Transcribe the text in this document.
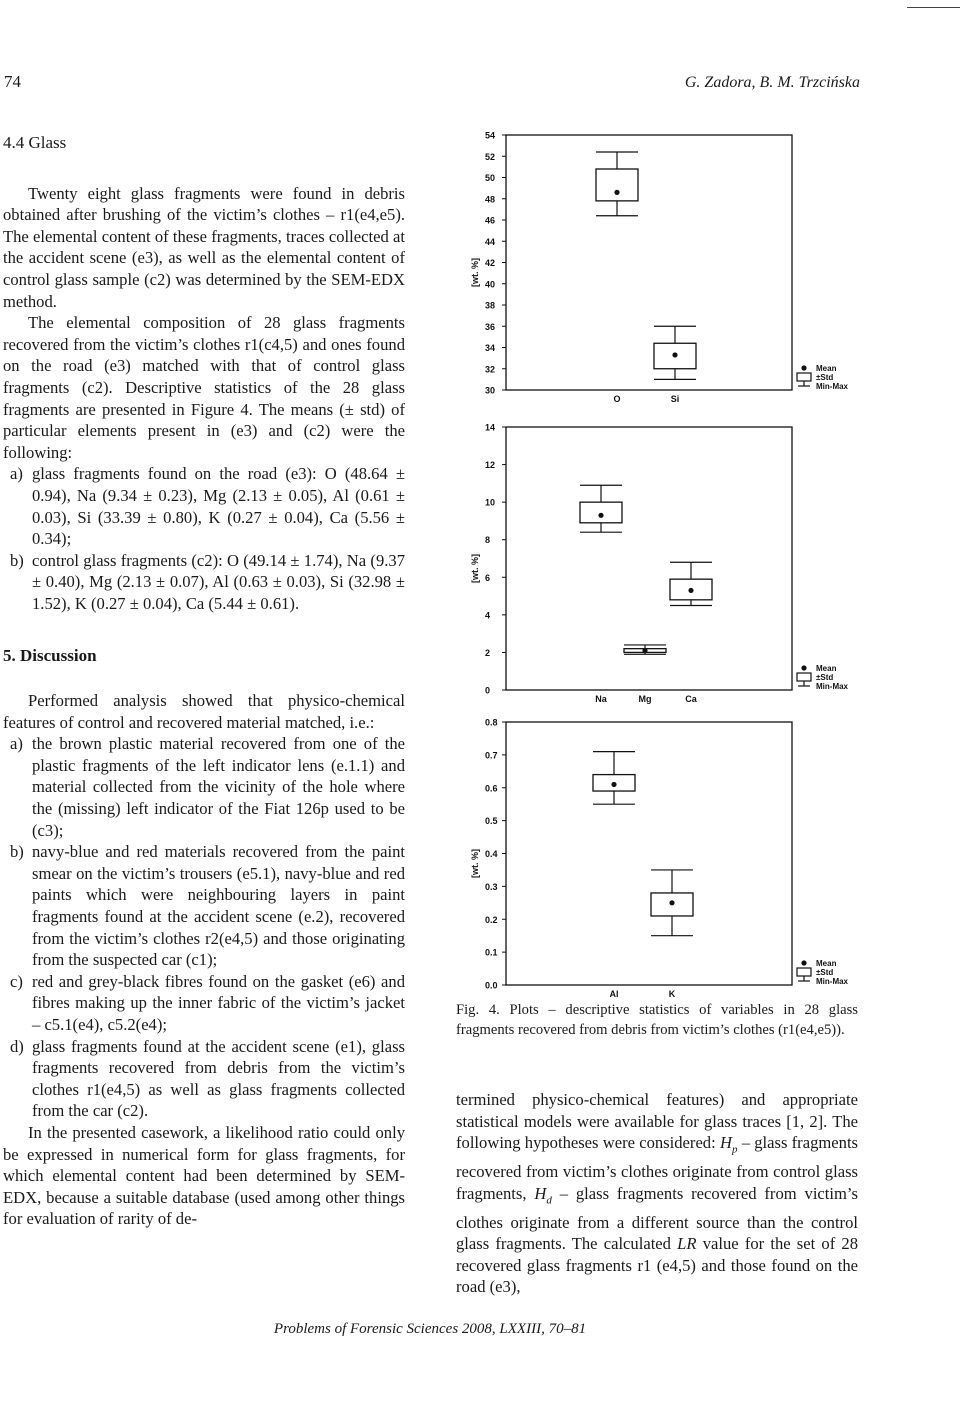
74	G. Zadora, B. M. Trzcińska
4.4 Glass

Twenty eight glass fragments were found in debris obtained after brushing of the victim’s clothes – r1(e4,e5). The elemental content of these fragments, traces collected at the accident scene (e3), as well as the elemental content of control glass sample (c2) was determined by the SEM-EDX method.

The elemental composition of 28 glass fragments recovered from the victim’s clothes r1(c4,5) and ones found on the road (e3) matched with that of control glass fragments (c2). Descriptive statistics of the 28 glass fragments are presented in Figure 4. The means (± std) of particular elements present in (e3) and (c2) were the following:

a) glass fragments found on the road (e3): O (48.64 ± 0.94), Na (9.34 ± 0.23), Mg (2.13 ± 0.05), Al (0.61 ± 0.03), Si (33.39 ± 0.80), K (0.27 ± 0.04), Ca (5.56 ± 0.34);
b) control glass fragments (c2): O (49.14 ± 1.74), Na (9.37 ± 0.40), Mg (2.13 ± 0.07), Al (0.63 ± 0.03), Si (32.98 ± 1.52), K (0.27 ± 0.04), Ca (5.44 ± 0.61).
5. Discussion

Performed analysis showed that physico-chemical features of control and recovered material matched, i.e.:

a) the brown plastic material recovered from one of the plastic fragments of the left indicator lens (e.1.1) and material collected from the vicinity of the hole where the (missing) left indicator of the Fiat 126p used to be (c3);
b) navy-blue and red materials recovered from the paint smear on the victim’s trousers (e5.1), navy-blue and red paints which were neighbouring layers in paint fragments found at the accident scene (e.2), recovered from the victim’s clothes r2(e4,5) and those originating from the suspected car (c1);
c) red and grey-black fibres found on the gasket (e6) and fibres making up the inner fabric of the victim’s jacket – c5.1(e4), c5.2(e4);
d) glass fragments found at the accident scene (e1), glass fragments recovered from debris from the victim’s clothes r1(e4,5) as well as glass fragments collected from the car (c2).

In the presented casework, a likelihood ratio could only be expressed in numerical form for glass fragments, for which elemental content had been determined by SEM-EDX, because a suitable database (used among other things for evaluation of rarity of de-

54
52
50
48
46
44
42
40
38
36
34
32
30
[wt. %]
O	Si
Mean
±Std
Min-Max
14
12
10
8
6
4
2
0
[wt. %]
Na	Mg	Ca
Mean
±Std
Min-Max
0.8
0.7
0.6
0.5
0.4
0.3
0.2
0.1
0.0
[wt. %]
Al	K
Mean
±Std
Min-Max
Fig. 4. Plots – descriptive statistics of variables in 28 glass fragments recovered from debris from victim’s clothes (r1(e4,e5)).
termined physico-chemical features) and appropriate statistical models were available for glass traces [1, 2]. The following hypotheses were considered: $H_p$ – glass fragments recovered from victim’s clothes originate from control glass fragments, $H_d$ – glass fragments recovered from victim’s clothes originate from a different source than the control glass fragments. The calculated LR value for the set of 28 recovered glass fragments r1 (e4,5) and those found on the road (e3),
Problems of Forensic Sciences 2008, LXXIII, 70–81
